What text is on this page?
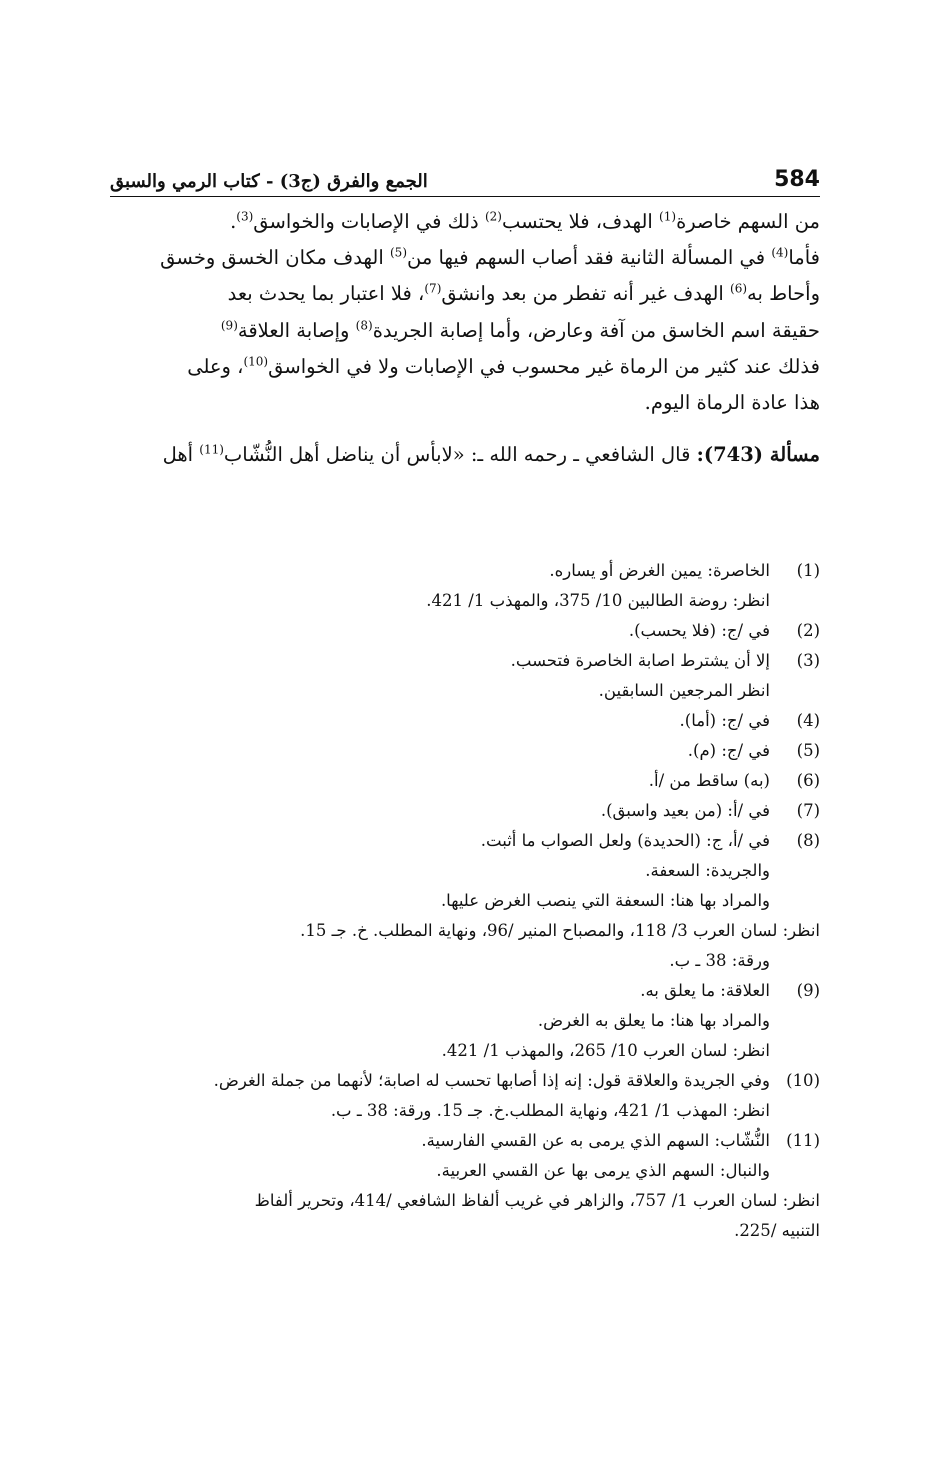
584
الجمع والفرق (ج3) - كتاب الرمي والسبق

من السهم خاصرة$^{(1)}$ الهدف، فلا يحتسب$^{(2)}$ ذلك في الإصابات والخواسق$^{(3)}$.

فأما$^{(4)}$ في المسألة الثانية فقد أصاب السهم فيها من$^{(5)}$ الهدف مكان الخسق وخسق

وأحاط به$^{(6)}$ الهدف غير أنه تفطر من بعد وانشق$^{(7)}$، فلا اعتبار بما يحدث بعد

حقيقة اسم الخاسق من آفة وعارض، وأما إصابة الجريدة$^{(8)}$ وإصابة العلاقة$^{(9)}$

فذلك عند كثير من الرماة غير محسوب في الإصابات ولا في الخواسق$^{(10)}$، وعلى

هذا عادة الرماة اليوم.

مسألة (743): قال الشافعي ـ رحمه الله ـ: «لابأس أن يناضل أهل النُّشّاب$^{(11)}$ أهل

(1)
الخاصرة: يمين الغرض أو يساره.
انظر: روضة الطالبين 10/ 375، والمهذب 1/ 421.
(2)
في /ج: (فلا يحسب).
(3)
إلا أن يشترط اصابة الخاصرة فتحسب.
انظر المرجعين السابقين.
(4)
في /ج: (أما).
(5)
في /ج: (م).
(6)
(به) ساقط من /أ.
(7)
في /أ: (من بعيد واسبق).
(8)
في /أ، ج: (الحديدة) ولعل الصواب ما أثبت.
والجريدة: السعفة.
والمراد بها هنا: السعفة التي ينصب الغرض عليها.
انظر: لسان العرب 3/ 118، والمصباح المنير /96، ونهاية المطلب. خ. جـ 15.
ورقة: 38 ـ ب.
(9)
العلاقة: ما يعلق به.
والمراد بها هنا: ما يعلق به الغرض.
انظر: لسان العرب 10/ 265، والمهذب 1/ 421.
(10)
وفي الجريدة والعلاقة قول: إنه إذا أصابها تحسب له اصابة؛ لأنهما من جملة الغرض.
انظر: المهذب 1/ 421، ونهاية المطلب.خ. جـ 15. ورقة: 38 ـ ب.
(11)
النُّشّاب: السهم الذي يرمى به عن القسي الفارسية.
والنبال: السهم الذي يرمى بها عن القسي العربية.
انظر: لسان العرب 1/ 757، والزاهر في غريب ألفاظ الشافعي /414، وتحرير ألفاظ
التنبيه /225.
